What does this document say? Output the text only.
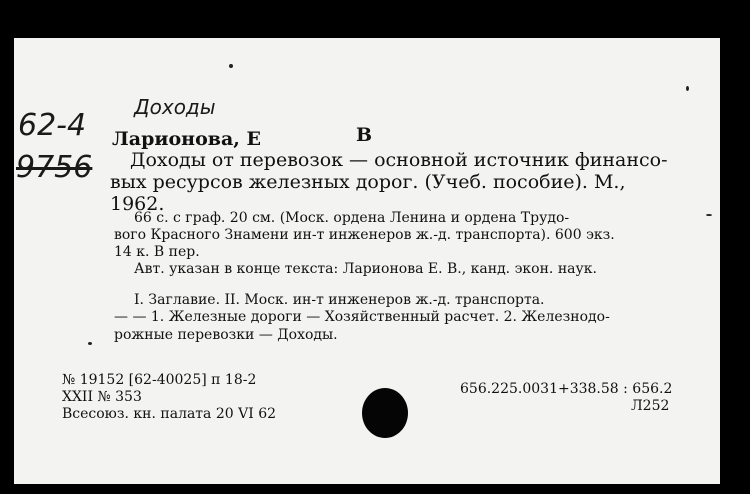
62-4
Доходы
9756
В
Ларионова, Е
Доходы от перевозок — основной источник финансо-
вых ресурсов железных дорог. (Учеб. пособие). М.,
1962.
66 с. с граф. 20 см. (Моск. ордена Ленина и ордена Трудо-
вого Красного Знамени ин-т инженеров ж.-д. транспорта). 600 экз.
14 к. В пер.
Авт. указан в конце текста: Ларионова Е. В., канд. экон. наук.
I. Заглавие. II. Моск. ин-т инженеров ж.-д. транспорта.
— — 1. Железные дороги — Хозяйственный расчет. 2. Железнодо-
рожные перевозки — Доходы.
№ 19152 [62-40025] п 18-2
XXII № 353
Всесоюз. кн. палата 20 VI 62
656.225.0031+338.58 : 656.2
Л252
